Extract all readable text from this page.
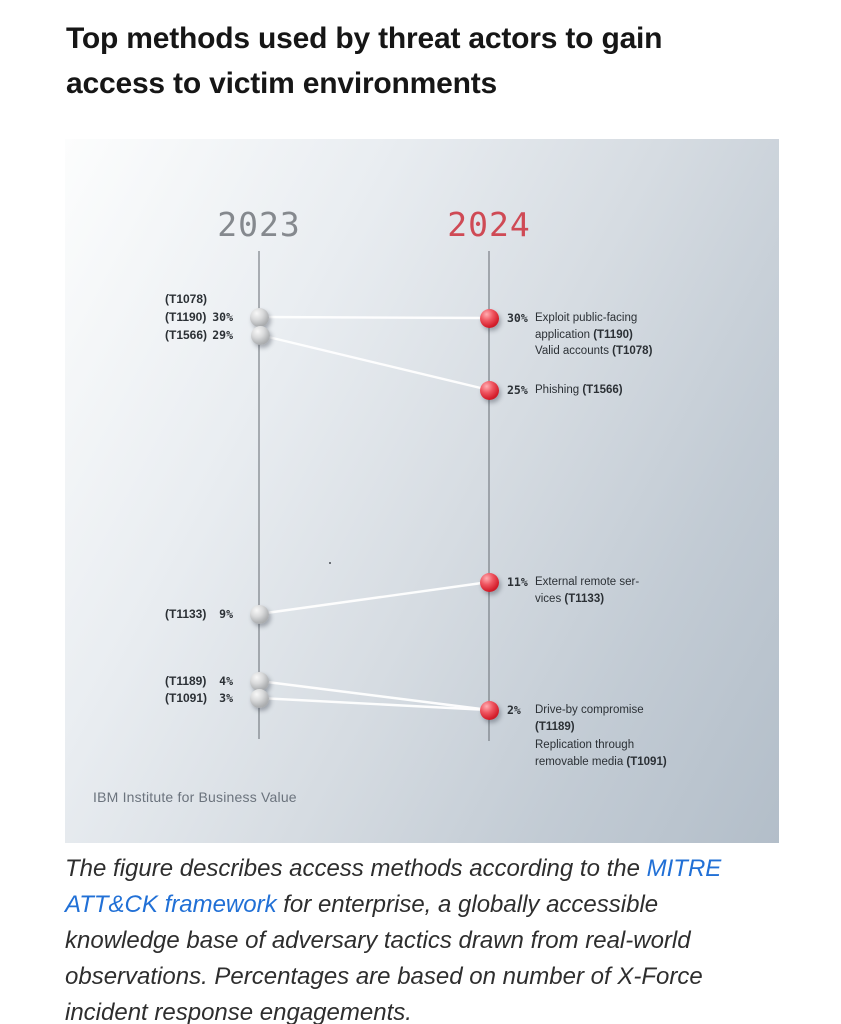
Top methods used by threat actors to gain
access to victim environments
2023	2024
(T1078)
(T1190) 30%
(T1566) 29%
(T1133) 9%
(T1189) 4%
(T1091) 3%
30% Exploit public-facing
application (T1190)
Valid accounts (T1078)
25% Phishing (T1566)
11% External remote ser-
vices (T1133)
2% Drive-by compromise
(T1189)
Replication through
removable media (T1091)
IBM Institute for Business Value
The figure describes access methods according to the MITRE ATT&CK framework for enterprise, a globally accessible knowledge base of adversary tactics drawn from real-world observations. Percentages are based on number of X-Force incident response engagements.
